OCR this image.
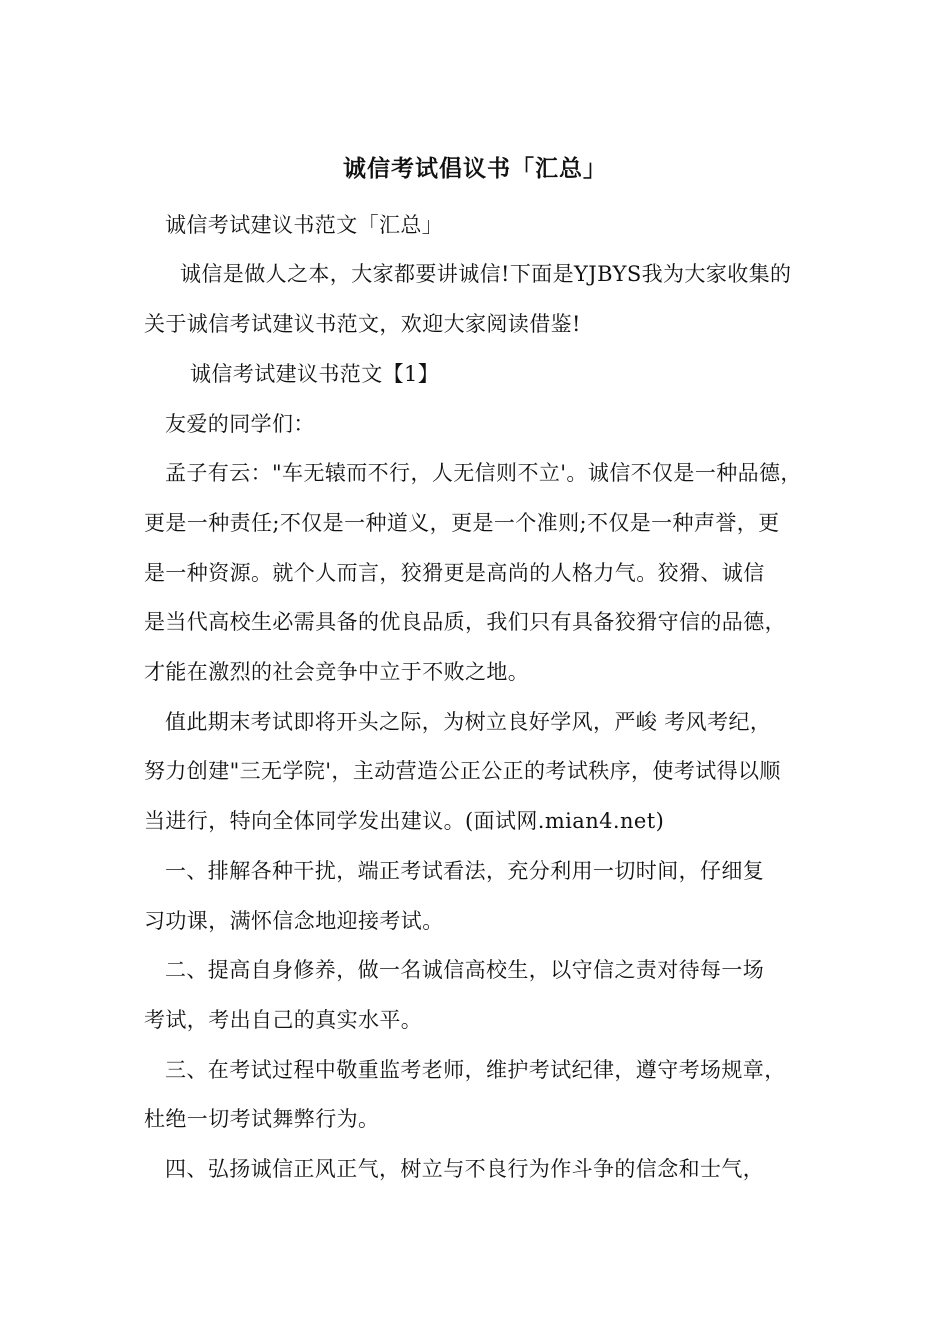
诚信考试倡议书「汇总」
诚信考试建议书范文「汇总」
诚信是做人之本，大家都要讲诚信!下面是YJBYS我为大家收集的
关于诚信考试建议书范文，欢迎大家阅读借鉴!
诚信考试建议书范文【1】
友爱的同学们：
孟子有云："车无辕而不行，人无信则不立'。诚信不仅是一种品德，
更是一种责任;不仅是一种道义，更是一个准则;不仅是一种声誉，更
是一种资源。就个人而言，狡猾更是高尚的人格力气。狡猾、诚信
是当代高校生必需具备的优良品质，我们只有具备狡猾守信的品德，
才能在激烈的社会竞争中立于不败之地。
值此期末考试即将开头之际，为树立良好学风，严峻 考风考纪，
努力创建"三无学院'，主动营造公正公正的考试秩序，使考试得以顺
当进行，特向全体同学发出建议。(面试网.mian4.net)
一、排解各种干扰，端正考试看法，充分利用一切时间，仔细复
习功课，满怀信念地迎接考试。
二、提高自身修养，做一名诚信高校生，以守信之责对待每一场
考试，考出自己的真实水平。
三、在考试过程中敬重监考老师，维护考试纪律，遵守考场规章，
杜绝一切考试舞弊行为。
四、弘扬诚信正风正气，树立与不良行为作斗争的信念和士气，
